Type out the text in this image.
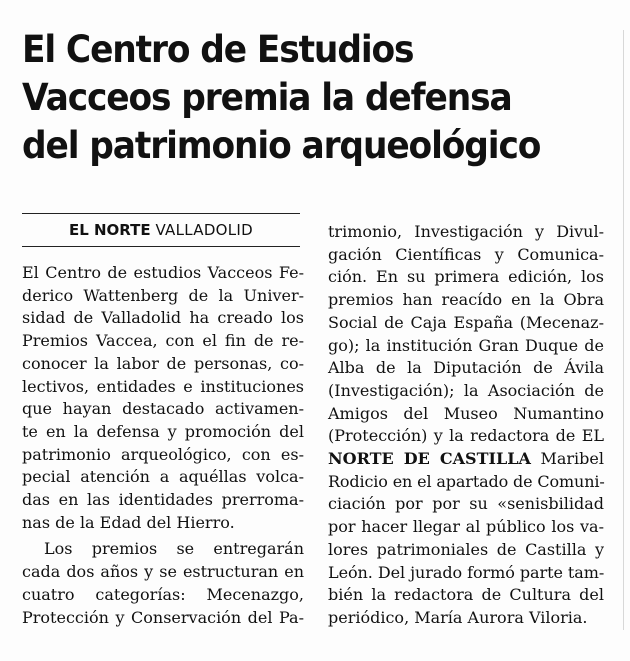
El Centro de Estudios
Vacceos premia la defensa
del patrimonio arqueológico
EL NORTE VALLADOLID
El Centro de estudios Vacceos Fe-
derico Wattenberg de la Univer-
sidad de Valladolid ha creado los
Premios Vaccea, con el fin de re-
conocer la labor de personas, co-
lectivos, entidades e instituciones
que hayan destacado activamen-
te en la defensa y promoción del
patrimonio arqueológico, con es-
pecial atención a aquéllas volca-
das en las identidades prerroma-
nas de la Edad del Hierro.
Los premios se entregarán
cada dos años y se estructuran en
cuatro categorías: Mecenazgo,
Protección y Conservación del Pa-
trimonio, Investigación y Divul-
gación Científicas y Comunica-
ción. En su primera edición, los
premios han reacído en la Obra
Social de Caja España (Mecenaz-
go); la institución Gran Duque de
Alba de la Diputación de Ávila
(Investigación); la Asociación de
Amigos del Museo Numantino
(Protección) y la redactora de EL
NORTE DE CASTILLA Maribel
Rodicio en el apartado de Comuni-
ciación por por su «senisbilidad
por hacer llegar al público los va-
lores patrimoniales de Castilla y
León. Del jurado formó parte tam-
bién la redactora de Cultura del
periódico, María Aurora Viloria.
